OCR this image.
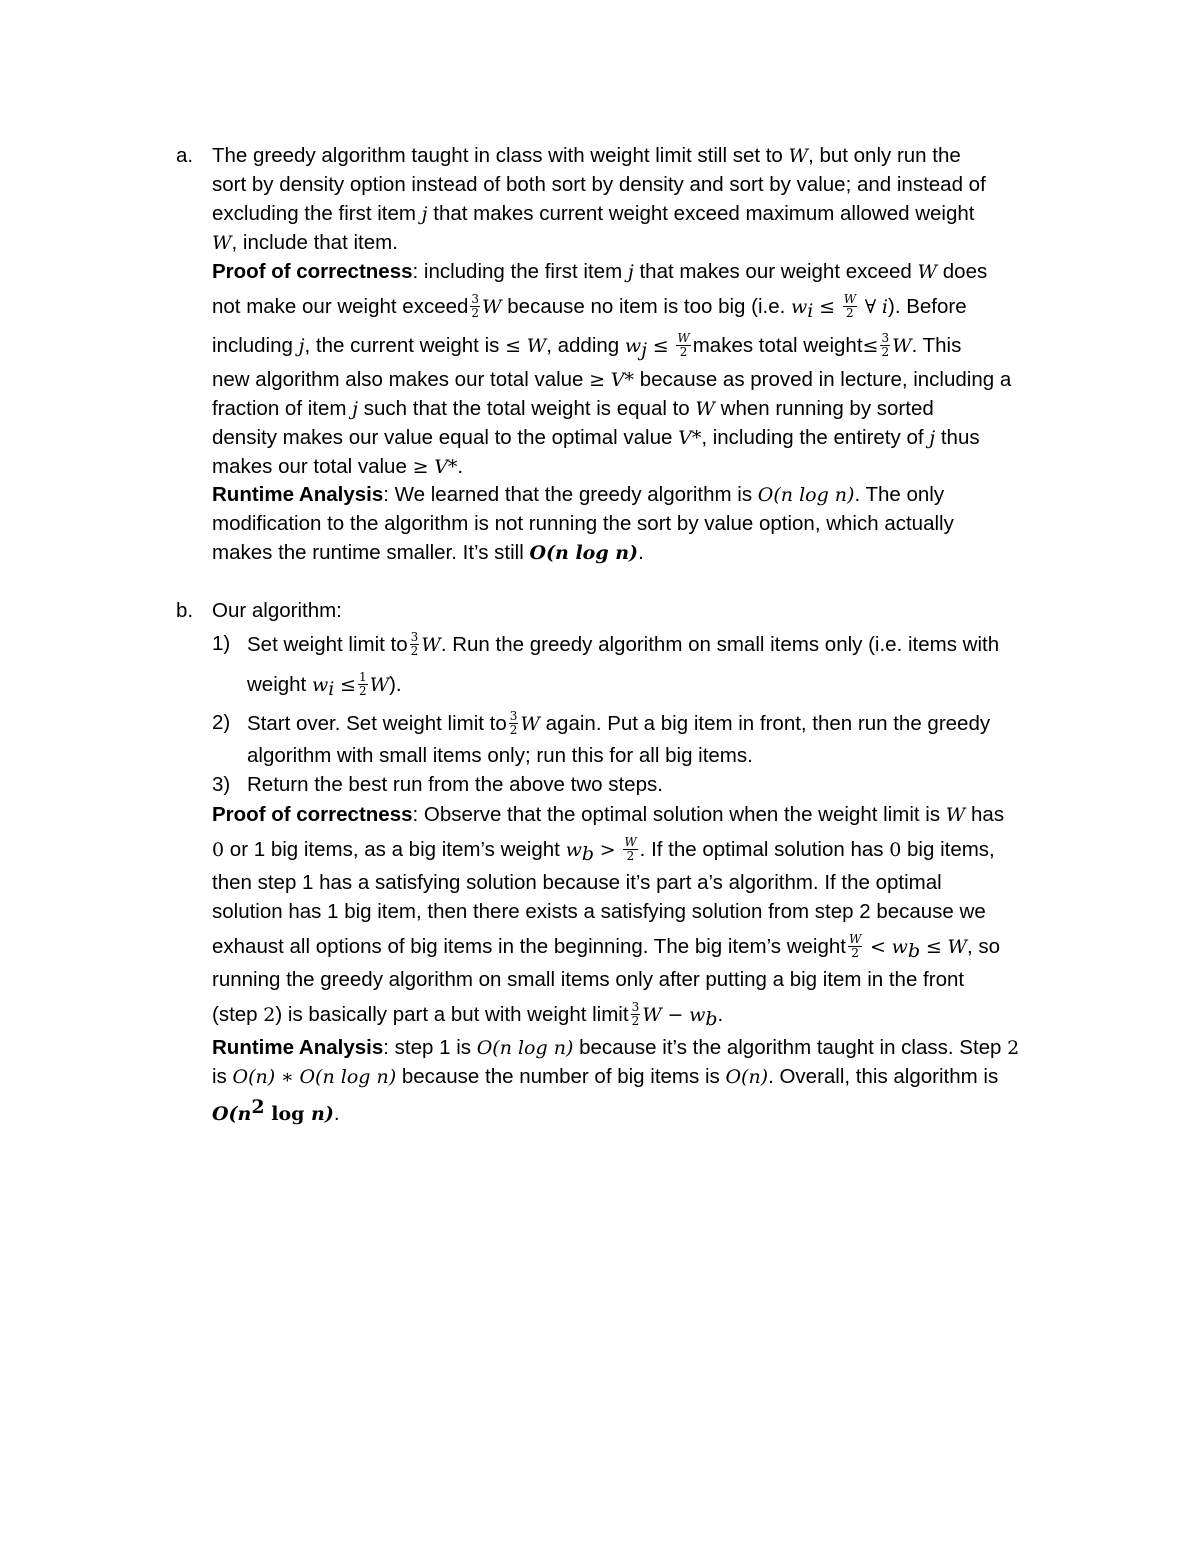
a. The greedy algorithm taught in class with weight limit still set to W, but only run the
sort by density option instead of both sort by density and sort by value; and instead of
excluding the first item j that makes current weight exceed maximum allowed weight
W, include that item.
Proof of correctness: including the first item j that makes our weight exceed W does
not make our weight exceed $\frac{3}{2}$ W because no item is too big (i.e. $w_i \le \frac{W}{2}$ ∀ i). Before
including j, the current weight is ≤ W, adding $w_j \le \frac{W}{2}$ makes total weight≤ $\frac{3}{2} W$. This
new algorithm also makes our total value ≥ V* because as proved in lecture, including a
fraction of item j such that the total weight is equal to W when running by sorted
density makes our value equal to the optimal value V*, including the entirety of j thus
makes our total value ≥ V*.
Runtime Analysis: We learned that the greedy algorithm is O(n log n). The only
modification to the algorithm is not running the sort by value option, which actually
makes the runtime smaller. It’s still O(n log n).
b. Our algorithm:
1) Set weight limit to $\frac{3}{2} W$. Run the greedy algorithm on small items only (i.e. items with
weight $w_i \le \frac{1}{2} W$).
2) Start over. Set weight limit to $\frac{3}{2}$ W again. Put a big item in front, then run the greedy
algorithm with small items only; run this for all big items.
3) Return the best run from the above two steps.
Proof of correctness: Observe that the optimal solution when the weight limit is W has
0 or 1 big items, as a big item’s weight $w_b > \frac{W}{2}$ . If the optimal solution has 0 big items,
then step 1 has a satisfying solution because it’s part a’s algorithm. If the optimal
solution has 1 big item, then there exists a satisfying solution from step 2 because we
exhaust all options of big items in the beginning. The big item’s weight $\frac{W}{2} < w_b \le W$, so
running the greedy algorithm on small items only after putting a big item in the front
(step 2) is basically part a but with weight limit $\frac{3}{2}$ $W - w_b$.
Runtime Analysis: step 1 is O(n log n) because it’s the algorithm taught in class. Step 2
is O(n) ∗ O(n log n) because the number of big items is O(n). Overall, this algorithm is
$O(n^2$ log n).
